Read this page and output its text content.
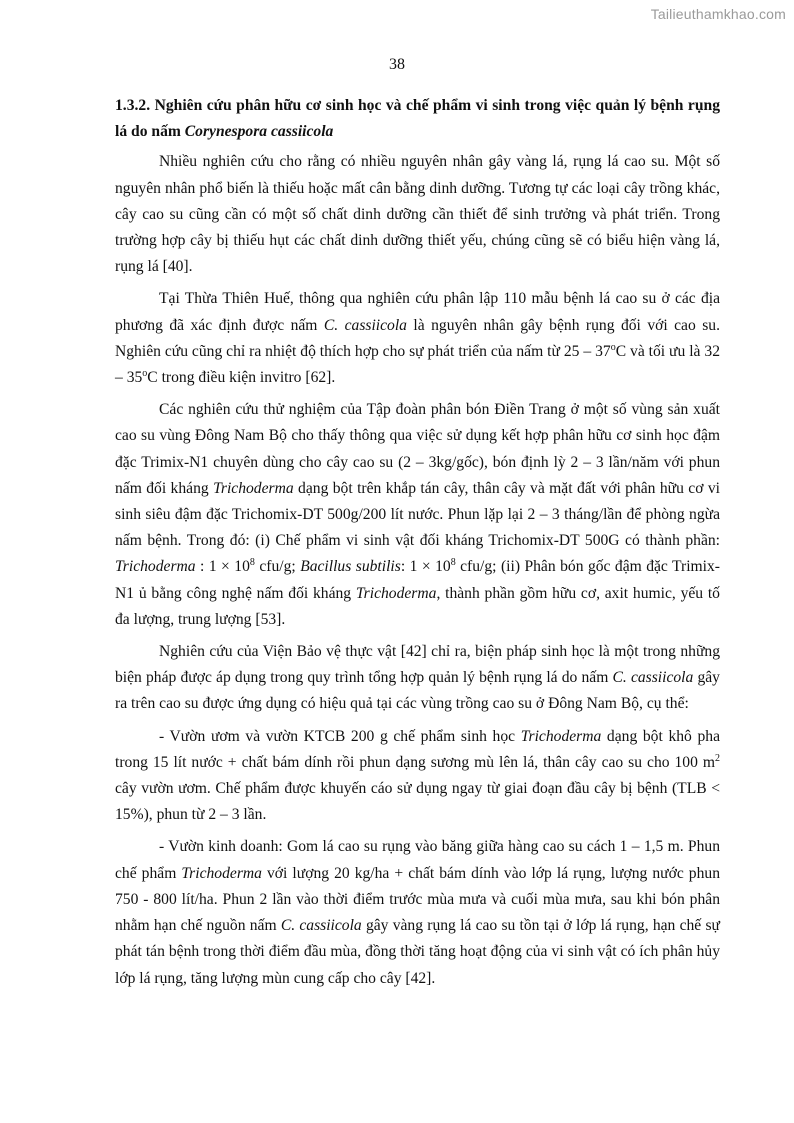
Tailieuthamkhao.com
38

1.3.2. Nghiên cứu phân hữu cơ sinh học và chế phẩm vi sinh trong việc quản lý bệnh rụng lá do nấm Corynespora cassiicola

Nhiều nghiên cứu cho rằng có nhiều nguyên nhân gây vàng lá, rụng lá cao su. Một số nguyên nhân phổ biến là thiếu hoặc mất cân bằng dinh dưỡng. Tương tự các loại cây trồng khác, cây cao su cũng cần có một số chất dinh dưỡng cần thiết để sinh trưởng và phát triển. Trong trường hợp cây bị thiếu hụt các chất dinh dưỡng thiết yếu, chúng cũng sẽ có biểu hiện vàng lá, rụng lá [40].

Tại Thừa Thiên Huế, thông qua nghiên cứu phân lập 110 mẫu bệnh lá cao su ở các địa phương đã xác định được nấm C. cassiicola là nguyên nhân gây bệnh rụng đối với cao su. Nghiên cứu cũng chỉ ra nhiệt độ thích hợp cho sự phát triển của nấm từ 25 – 37$^o$C và tối ưu là 32 – 35$^o$C trong điều kiện invitro [62].

Các nghiên cứu thử nghiệm của Tập đoàn phân bón Điền Trang ở một số vùng sản xuất cao su vùng Đông Nam Bộ cho thấy thông qua việc sử dụng kết hợp phân hữu cơ sinh học đậm đặc Trimix-N1 chuyên dùng cho cây cao su (2 – 3kg/gốc), bón định lỳ 2 – 3 lần/năm với phun nấm đối kháng Trichoderma dạng bột trên khắp tán cây, thân cây và mặt đất với phân hữu cơ vi sinh siêu đậm đặc Trichomix-DT 500g/200 lít nước. Phun lặp lại 2 – 3 tháng/lần để phòng ngừa nấm bệnh. Trong đó: (i) Chế phẩm vi sinh vật đối kháng Trichomix-DT 500G có thành phần: Trichoderma : $1 \times 10^8$ cfu/g; Bacillus subtilis: $1 \times 10^8$ cfu/g; (ii) Phân bón gốc đậm đặc Trimix-N1 ủ bằng công nghệ nấm đối kháng Trichoderma, thành phần gồm hữu cơ, axit humic, yếu tố đa lượng, trung lượng [53].

Nghiên cứu của Viện Bảo vệ thực vật [42] chỉ ra, biện pháp sinh học là một trong những biện pháp được áp dụng trong quy trình tổng hợp quản lý bệnh rụng lá do nấm C. cassiicola gây ra trên cao su được ứng dụng có hiệu quả tại các vùng trồng cao su ở Đông Nam Bộ, cụ thể:

- Vườn ươm và vườn KTCB 200 g chế phẩm sinh học Trichoderma dạng bột khô pha trong 15 lít nước + chất bám dính rồi phun dạng sương mù lên lá, thân cây cao su cho 100 $m^2$ cây vườn ươm. Chế phẩm được khuyến cáo sử dụng ngay từ giai đoạn đầu cây bị bệnh (TLB < 15%), phun từ 2 – 3 lần.

- Vườn kinh doanh: Gom lá cao su rụng vào băng giữa hàng cao su cách 1 – 1,5 m. Phun chế phẩm Trichoderma với lượng 20 kg/ha + chất bám dính vào lớp lá rụng, lượng nước phun 750 - 800 lít/ha. Phun 2 lần vào thời điểm trước mùa mưa và cuối mùa mưa, sau khi bón phân nhằm hạn chế nguồn nấm C. cassiicola gây vàng rụng lá cao su tồn tại ở lớp lá rụng, hạn chế sự phát tán bệnh trong thời điểm đầu mùa, đồng thời tăng hoạt động của vi sinh vật có ích phân hủy lớp lá rụng, tăng lượng mùn cung cấp cho cây [42].
